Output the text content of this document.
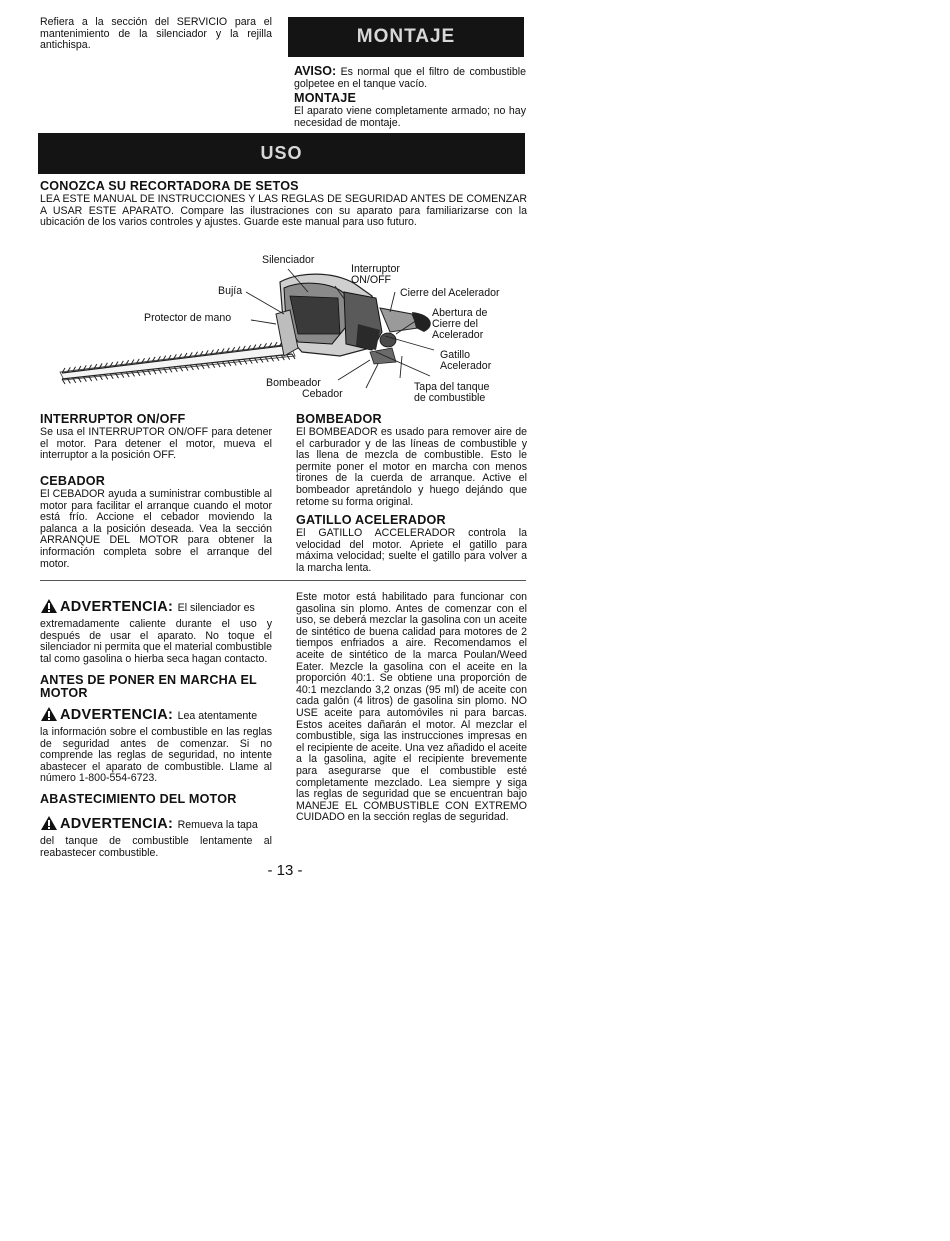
Refiera a la sección del SERVICIO para el mantenimiento de la silenciador y la rejilla antichispa.	MONTAJE

AVISO: Es normal que el filtro de combustible golpetee en el tanque vacío.

MONTAJE

El aparato viene completamente armado; no hay necesidad de montaje.

USO

CONOZCA SU RECORTADORA DE SETOS

LEA ESTE MANUAL DE INSTRUCCIONES Y LAS REGLAS DE SEGURIDAD ANTES DE COMENZAR A USAR ESTE APARATO. Compare las ilustraciones con su aparato para familiarizarse con la ubicación de los varios controles y ajustes. Guarde este manual para uso futuro.

Silenciador
Interruptor
ON/OFF
Bujía	Cierre del Acelerador
Protector de mano	Abertura de
Cierre del
Acelerador
Gatillo
Acelerador
Bombeador
Cebador
Tapa del tanque
de combustible

INTERRUPTOR ON/OFF

Se usa el INTERRUPTOR ON/OFF para detener el motor. Para detener el motor, mueva el interruptor a la posición OFF.

CEBADOR

El CEBADOR ayuda a suministrar combustible al motor para facilitar el arranque cuando el motor está frío. Accione el cebador moviendo la palanca a la posición deseada. Vea la sección ARRANQUE DEL MOTOR para obtener la información completa sobre el arranque del motor.

BOMBEADOR

El BOMBEADOR es usado para remover aire de el carburador y de las líneas de combustible y las llena de mezcla de combustible. Esto le permite poner el motor en marcha con menos tirones de la cuerda de arranque. Active el bombeador apretándolo y huego dejándo que retome su forma original.

GATILLO ACELERADOR

El GATILLO ACCELERADOR controla la velocidad del motor. Apriete el gatillo para máxima velocidad; suelte el gatillo para volver a la marcha lenta.

ADVERTENCIA: El silenciador es

extremadamente caliente durante el uso y después de usar el aparato. No toque el silenciador ni permita que el material combustible tal como gasolina o hierba seca hagan contacto.

ANTES DE PONER EN MARCHA EL MOTOR

ADVERTENCIA: Lea atentamente

la información sobre el combustible en las reglas de seguridad antes de comenzar. Si no comprende las reglas de seguridad, no intente abastecer el aparato de combustible. Llame al número 1-800-554-6723.

ABASTECIMIENTO DEL MOTOR

ADVERTENCIA: Remueva la tapa

del tanque de combustible lentamente al reabastecer combustible.

Este motor está habilitado para funcionar con gasolina sin plomo. Antes de comenzar con el uso, se deberá mezclar la gasolina con un aceite de sintético de buena calidad para motores de 2 tiempos enfriados a aire. Recomendamos el aceite de sintético de la marca Poulan/Weed Eater. Mezcle la gasolina con el aceite en la proporción 40:1. Se obtiene una proporción de 40:1 mezclando 3,2 onzas (95 ml) de aceite con cada galón (4 litros) de gasolina sin plomo. NO USE aceite para automóviles ni para barcas. Estos aceites dañarán el motor. Al mezclar el combustible, siga las instrucciones impresas en el recipiente de aceite. Una vez añadido el aceite a la gasolina, agite el recipiente brevemente para asegurarse que el combustible esté completamente mezclado. Lea siempre y siga las reglas de seguridad que se encuentran bajo MANEJE EL COMBUSTIBLE CON EXTREMO CUIDADO en la sección reglas de seguridad.

- 13 -
